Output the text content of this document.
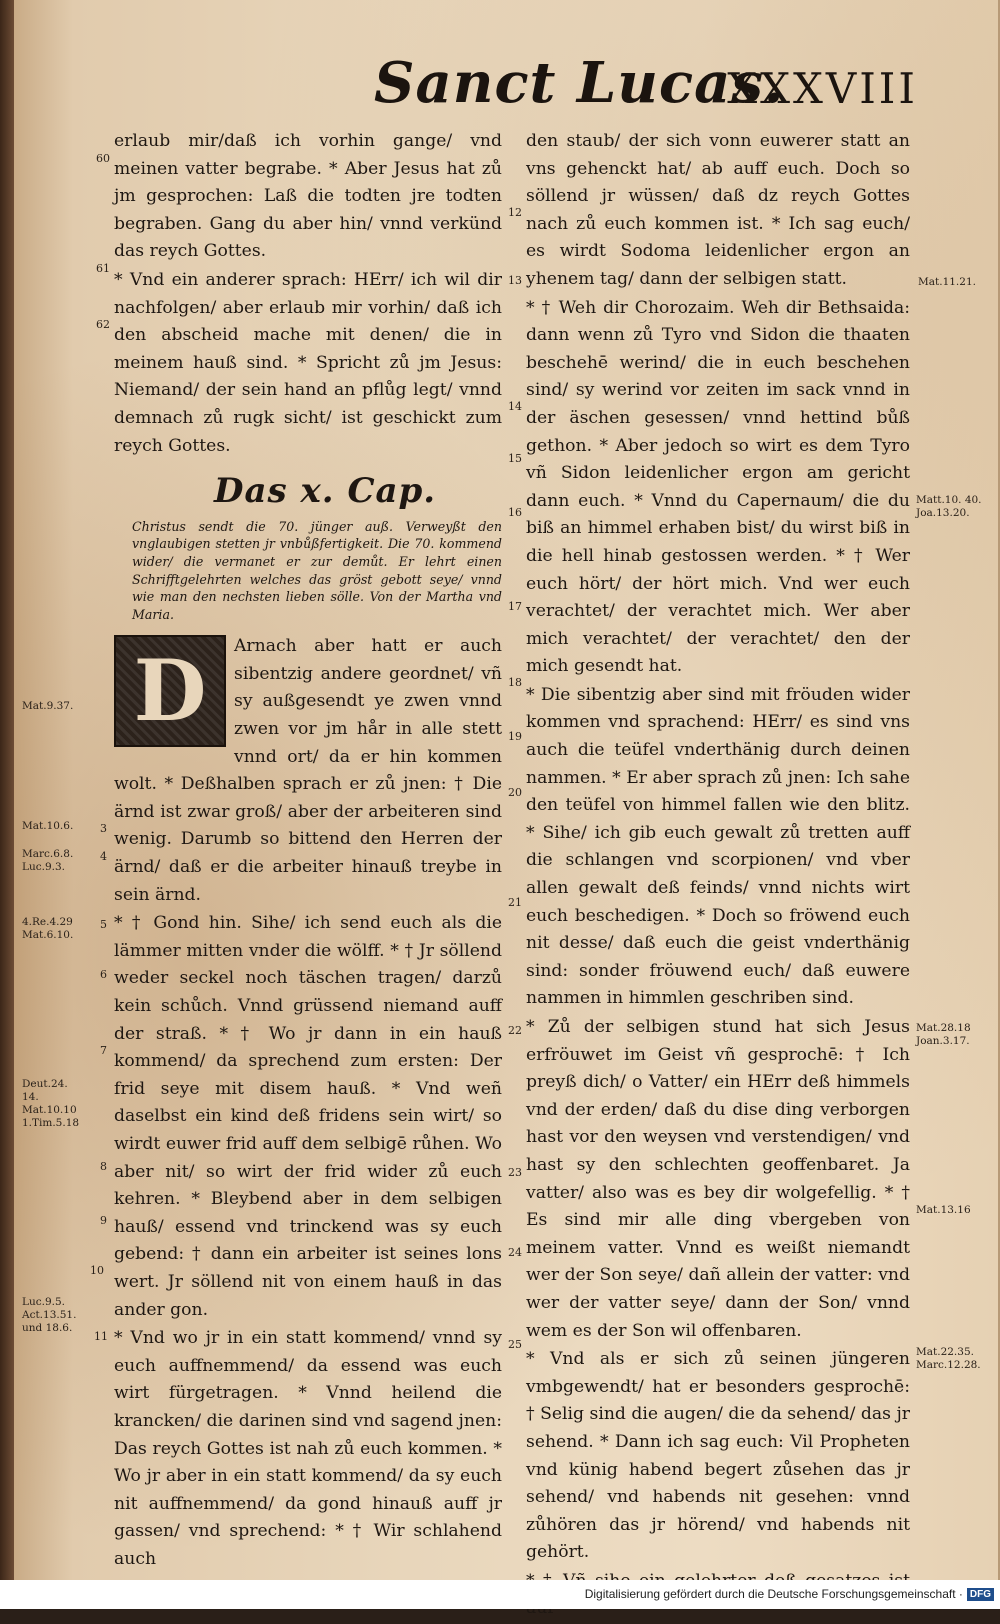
Sanct Lucas.
XXXVIII
Mat.9.37.
Mat.10.6.
Marc.6.8. Luc.9.3.
4.Re.4.29 Mat.6.10.
Deut.24. 14. Mat.10.10 1.Tim.5.18
Luc.9.5. Act.13.51. und 18.6.
Mat.11.21.
Matt.10. 40. Joa.13.20.
Mat.28.18 Joan.3.17.
Mat.13.16
Mat.22.35. Marc.12.28.
60
61
62
3
4
5
6
7
8
9
10
11
12
13
14
15
16
17
18
19
20
21
22
23
24
25

erlaub mir/daß ich vorhin gange/ vnd meinen vatter begrabe. * Aber Jesus hat zů jm gesprochen: Laß die todten jre todten begraben. Gang du aber hin/ vnnd verkünd das reych Gottes.

* Vnd ein anderer sprach: HErr/ ich wil dir nachfolgen/ aber erlaub mir vorhin/ daß ich den abscheid mache mit denen/ die in meinem hauß sind. * Spricht zů jm Jesus: Niemand/ der sein hand an pflůg legt/ vnnd demnach zů rugk sicht/ ist geschickt zum reych Gottes.

Das x. Cap.
Christus sendt die 70. jünger auß. Verweyßt den vnglaubigen stetten jr vnbůßfertigkeit. Die 70. kommend wider/ die vermanet er zur demůt. Er lehrt einen Schrifftgelehrten welches das gröst gebott seye/ vnnd wie man den nechsten lieben sölle. Von der Martha vnd Maria.
D	Arnach aber hatt er auch sibentzig andere geordnet/ vñ sy außgesendt ye zwen vnnd zwen vor jm hår in alle stett vnnd ort/ da er hin kommen wolt. * Deßhalben sprach er zů jnen: † Die ärnd ist zwar groß/ aber der arbeiteren sind wenig. Darumb so bittend den Herren der ärnd/ daß er die arbeiter hinauß treybe in sein ärnd.

* † Gond hin. Sihe/ ich send euch als die lämmer mitten vnder die wölff. * † Jr söllend weder seckel noch täschen tragen/ darzů kein schůch. Vnnd grüssend niemand auff der straß. * † Wo jr dann in ein hauß kommend/ da sprechend zum ersten: Der frid seye mit disem hauß. * Vnd weñ daselbst ein kind deß fridens sein wirt/ so wirdt euwer frid auff dem selbigē růhen. Wo aber nit/ so wirt der frid wider zů euch kehren. * Bleybend aber in dem selbigen hauß/ essend vnd trinckend was sy euch gebend: † dann ein arbeiter ist seines lons wert. Jr söllend nit von einem hauß in das ander gon.

* Vnd wo jr in ein statt kommend/ vnnd sy euch auffnemmend/ da essend was euch wirt fürgetragen. * Vnnd heilend die krancken/ die darinen sind vnd sagend jnen: Das reych Gottes ist nah zů euch kommen. * Wo jr aber in ein statt kommend/ da sy euch nit auffnemmend/ da gond hinauß auff jr gassen/ vnd sprechend: * † Wir schlahend auch

den staub/ der sich vonn euwerer statt an vns gehenckt hat/ ab auff euch. Doch so söllend jr wüssen/ daß dz reych Gottes nach zů euch kommen ist. * Ich sag euch/ es wirdt Sodoma leidenlicher ergon an yhenem tag/ dann der selbigen statt.

* † Weh dir Chorozaim. Weh dir Bethsaida: dann wenn zů Tyro vnd Sidon die thaaten beschehē werind/ die in euch beschehen sind/ sy werind vor zeiten im sack vnnd in der äschen gesessen/ vnnd hettind bůß gethon. * Aber jedoch so wirt es dem Tyro vñ Sidon leidenlicher ergon am gericht dann euch. * Vnnd du Capernaum/ die du biß an himmel erhaben bist/ du wirst biß in die hell hinab gestossen werden. * † Wer euch hört/ der hört mich. Vnd wer euch verachtet/ der verachtet mich. Wer aber mich verachtet/ der verachtet/ den der mich gesendt hat.

* Die sibentzig aber sind mit fröuden wider kommen vnd sprachend: HErr/ es sind vns auch die teüfel vnderthänig durch deinen nammen. * Er aber sprach zů jnen: Ich sahe den teüfel von himmel fallen wie den blitz. * Sihe/ ich gib euch gewalt zů tretten auff die schlangen vnd scorpionen/ vnd vber allen gewalt deß feinds/ vnnd nichts wirt euch beschedigen. * Doch so fröwend euch nit desse/ daß euch die geist vnderthänig sind: sonder fröuwend euch/ daß euwere nammen in himmlen geschriben sind.

* Zů der selbigen stund hat sich Jesus erfröuwet im Geist vñ gesprochē: † Ich preyß dich/ o Vatter/ ein HErr deß himmels vnd der erden/ daß du dise ding verborgen hast vor den weysen vnd verstendigen/ vnd hast sy den schlechten geoffenbaret. Ja vatter/ also was es bey dir wolgefellig. * † Es sind mir alle ding vbergeben von meinem vatter. Vnnd es weißt niemandt wer der Son seye/ dañ allein der vatter: vnd wer der vatter seye/ dann der Son/ vnnd wem es der Son wil offenbaren.

* Vnd als er sich zů seinen jüngeren vmbgewendt/ hat er besonders gesprochē: † Selig sind die augen/ die da sehend/ das jr sehend. * Dann ich sag euch: Vil Propheten vnd künig habend begert zůsehen das jr sehend/ vnd habends nit gesehen: vnnd zůhören das jr hörend/ vnd habends nit gehört.

Digitalisierung gefördert durch die Deutsche Forschungsgemeinschaft · DFG
